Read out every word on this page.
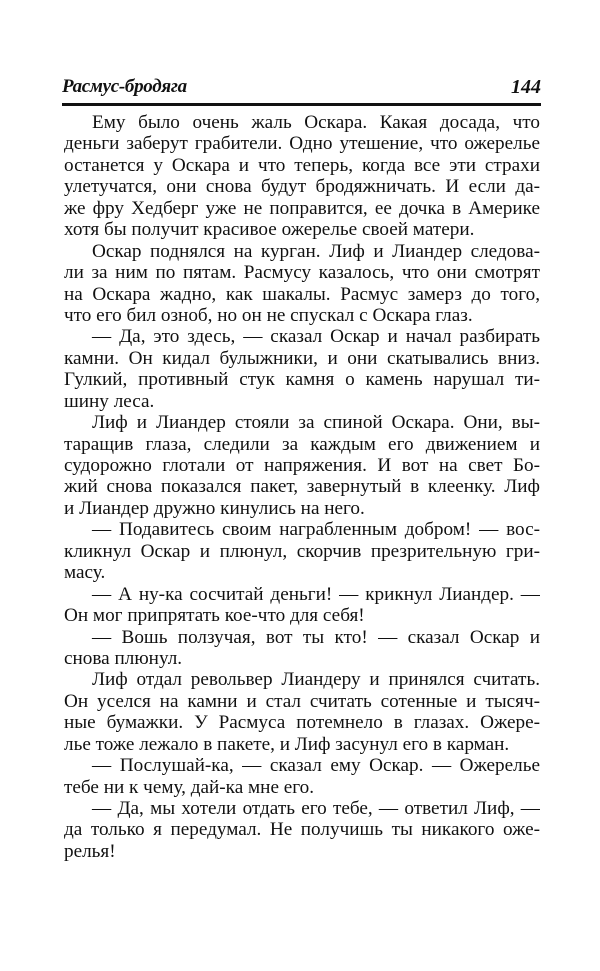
Расмус-бродяга	144
Ему было очень жаль Оскара. Какая досада, что
деньги заберут грабители. Одно утешение, что ожерелье
останется у Оскара и что теперь, когда все эти страхи
улетучатся, они снова будут бродяжничать. И если да-
же фру Хедберг уже не поправится, ее дочка в Америке
хотя бы получит красивое ожерелье своей матери.
Оскар поднялся на курган. Лиф и Лиандер следова-
ли за ним по пятам. Расмусу казалось, что они смотрят
на Оскара жадно, как шакалы. Расмус замерз до того,
что его бил озноб, но он не спускал с Оскара глаз.
— Да, это здесь, — сказал Оскар и начал разбирать
камни. Он кидал булыжники, и они скатывались вниз.
Гулкий, противный стук камня о камень нарушал ти-
шину леса.
Лиф и Лиандер стояли за спиной Оскара. Они, вы-
таращив глаза, следили за каждым его движением и
судорожно глотали от напряжения. И вот на свет Бо-
жий снова показался пакет, завернутый в клеенку. Лиф
и Лиандер дружно кинулись на него.
— Подавитесь своим награбленным добром! — вос-
кликнул Оскар и плюнул, скорчив презрительную гри-
масу.
— А ну-ка сосчитай деньги! — крикнул Лиандер. —
Он мог припрятать кое-что для себя!
— Вошь ползучая, вот ты кто! — сказал Оскар и
снова плюнул.
Лиф отдал револьвер Лиандеру и принялся считать.
Он уселся на камни и стал считать сотенные и тысяч-
ные бумажки. У Расмуса потемнело в глазах. Ожере-
лье тоже лежало в пакете, и Лиф засунул его в карман.
— Послушай-ка, — сказал ему Оскар. — Ожерелье
тебе ни к чему, дай-ка мне его.
— Да, мы хотели отдать его тебе, — ответил Лиф, —
да только я передумал. Не получишь ты никакого оже-
релья!
